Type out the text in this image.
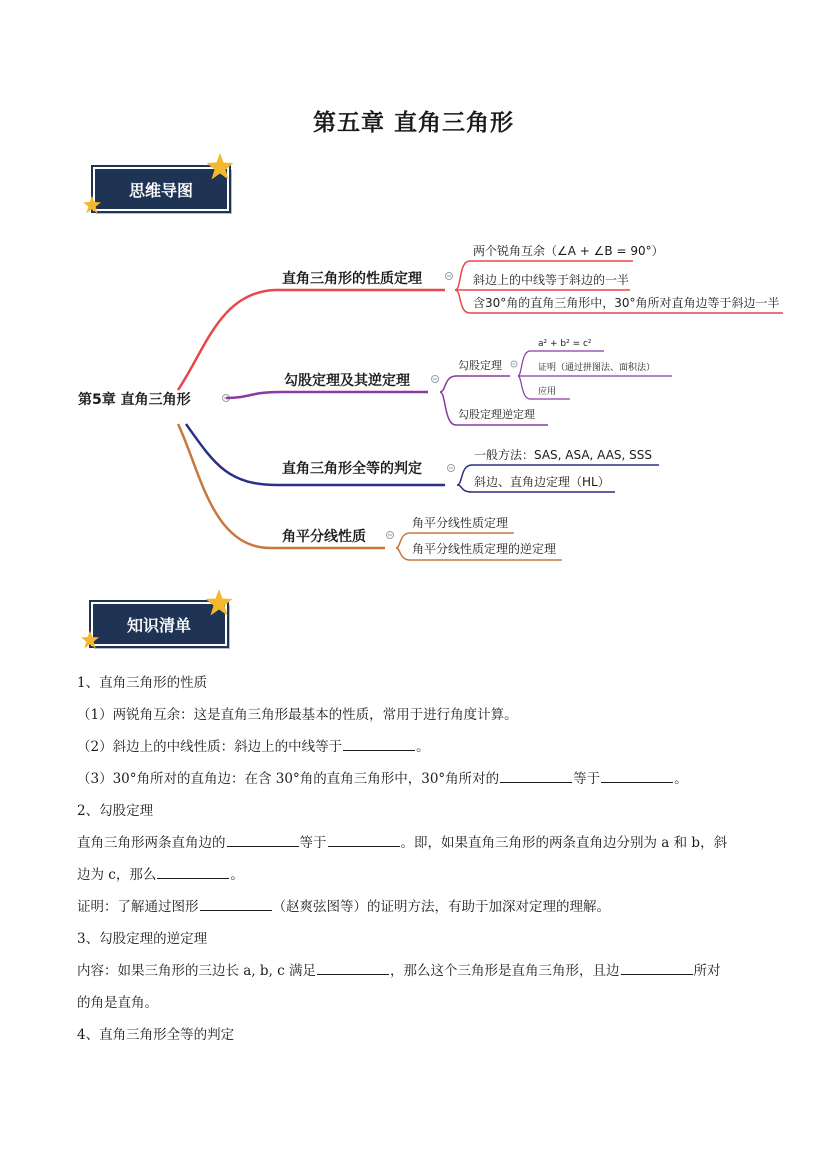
第五章 直角三角形
思维导图
知识清单
第5章 直角三角形
直角三角形的性质定理
两个锐角互余（∠A + ∠B = 90°）
斜边上的中线等于斜边的一半
含30°角的直角三角形中，30°角所对直角边等于斜边一半
勾股定理及其逆定理
勾股定理
勾股定理逆定理
a² + b² = c²
证明（通过拼图法、面积法）
应用
直角三角形全等的判定
一般方法：SAS, ASA, AAS, SSS
斜边、直角边定理（HL）
角平分线性质
角平分线性质定理
角平分线性质定理的逆定理

1、直角三角形的性质

（1）两锐角互余：这是直角三角形最基本的性质，常用于进行角度计算。

（2）斜边上的中线性质：斜边上的中线等于	。

（3）30°角所对的直角边：在含 30°角的直角三角形中，30°角所对的	等于	。

2、勾股定理

直角三角形两条直角边的	等于	。即，如果直角三角形的两条直角边分别为 a 和 b，斜

边为 c，那么	。

证明：了解通过图形	（赵爽弦图等）的证明方法，有助于加深对定理的理解。

3、勾股定理的逆定理

内容：如果三角形的三边长 a, b, c 满足	，那么这个三角形是直角三角形，且边	所对

的角是直角。

4、直角三角形全等的判定
